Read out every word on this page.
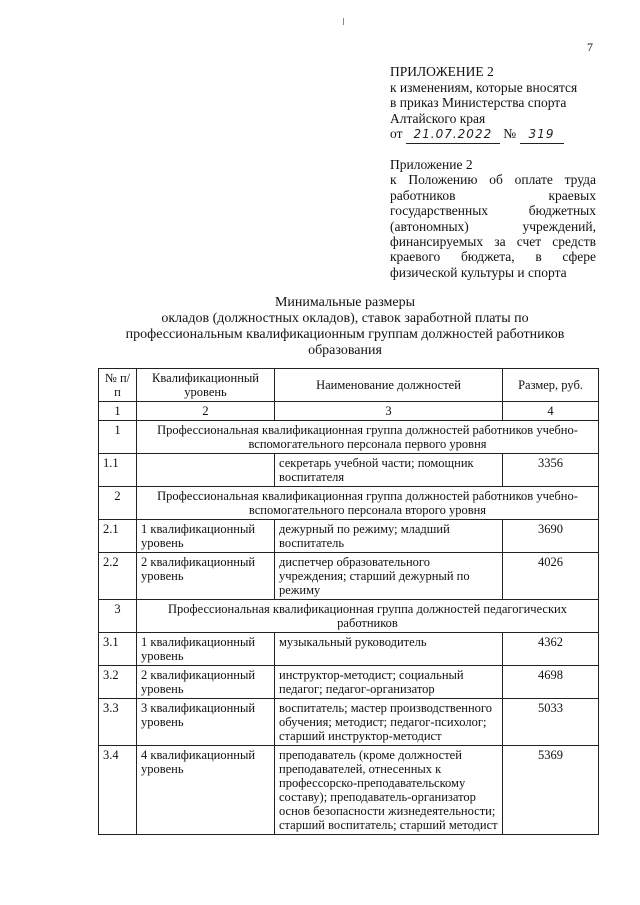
7
ПРИЛОЖЕНИЕ 2
к изменениям, которые вносятся
в приказ Министерства спорта
Алтайского края
от 21.07.2022 № 319
Приложение 2
к Положению об оплате труда работников краевых государственных бюджетных (автономных) учреждений, финансируемых за счет средств краевого бюджета, в сфере физической культуры и спорта
Минимальные размеры
окладов (должностных окладов), ставок заработной платы по
профессиональным квалификационным группам должностей работников
образования
№ п/п	Квалификационный уровень	Наименование должностей	Размер, руб.
1	2	3	4
1	Профессиональная квалификационная группа должностей работников учебно-вспомогательного персонала первого уровня		
1.1		секретарь учебной части; помощник воспитателя	3356
2	Профессиональная квалификационная группа должностей работников учебно-вспомогательного персонала второго уровня		
2.1	1 квалификационный уровень	дежурный по режиму; младший воспитатель	3690
2.2	2 квалификационный уровень	диспетчер образовательного учреждения; старший дежурный по режиму	4026
3	Профессиональная квалификационная группа должностей педагогических работников		
3.1	1 квалификационный уровень	музыкальный руководитель	4362
3.2	2 квалификационный уровень	инструктор-методист; социальный педагог; педагог-организатор	4698
3.3	3 квалификационный уровень	воспитатель; мастер производственного обучения; методист; педагог-психолог; старший инструктор-методист	5033
3.4	4 квалификационный уровень	преподаватель (кроме должностей преподавателей, отнесенных к профессорско-преподавательскому составу); преподаватель-организатор основ безопасности жизнедеятельности; старший воспитатель; старший методист	5369
